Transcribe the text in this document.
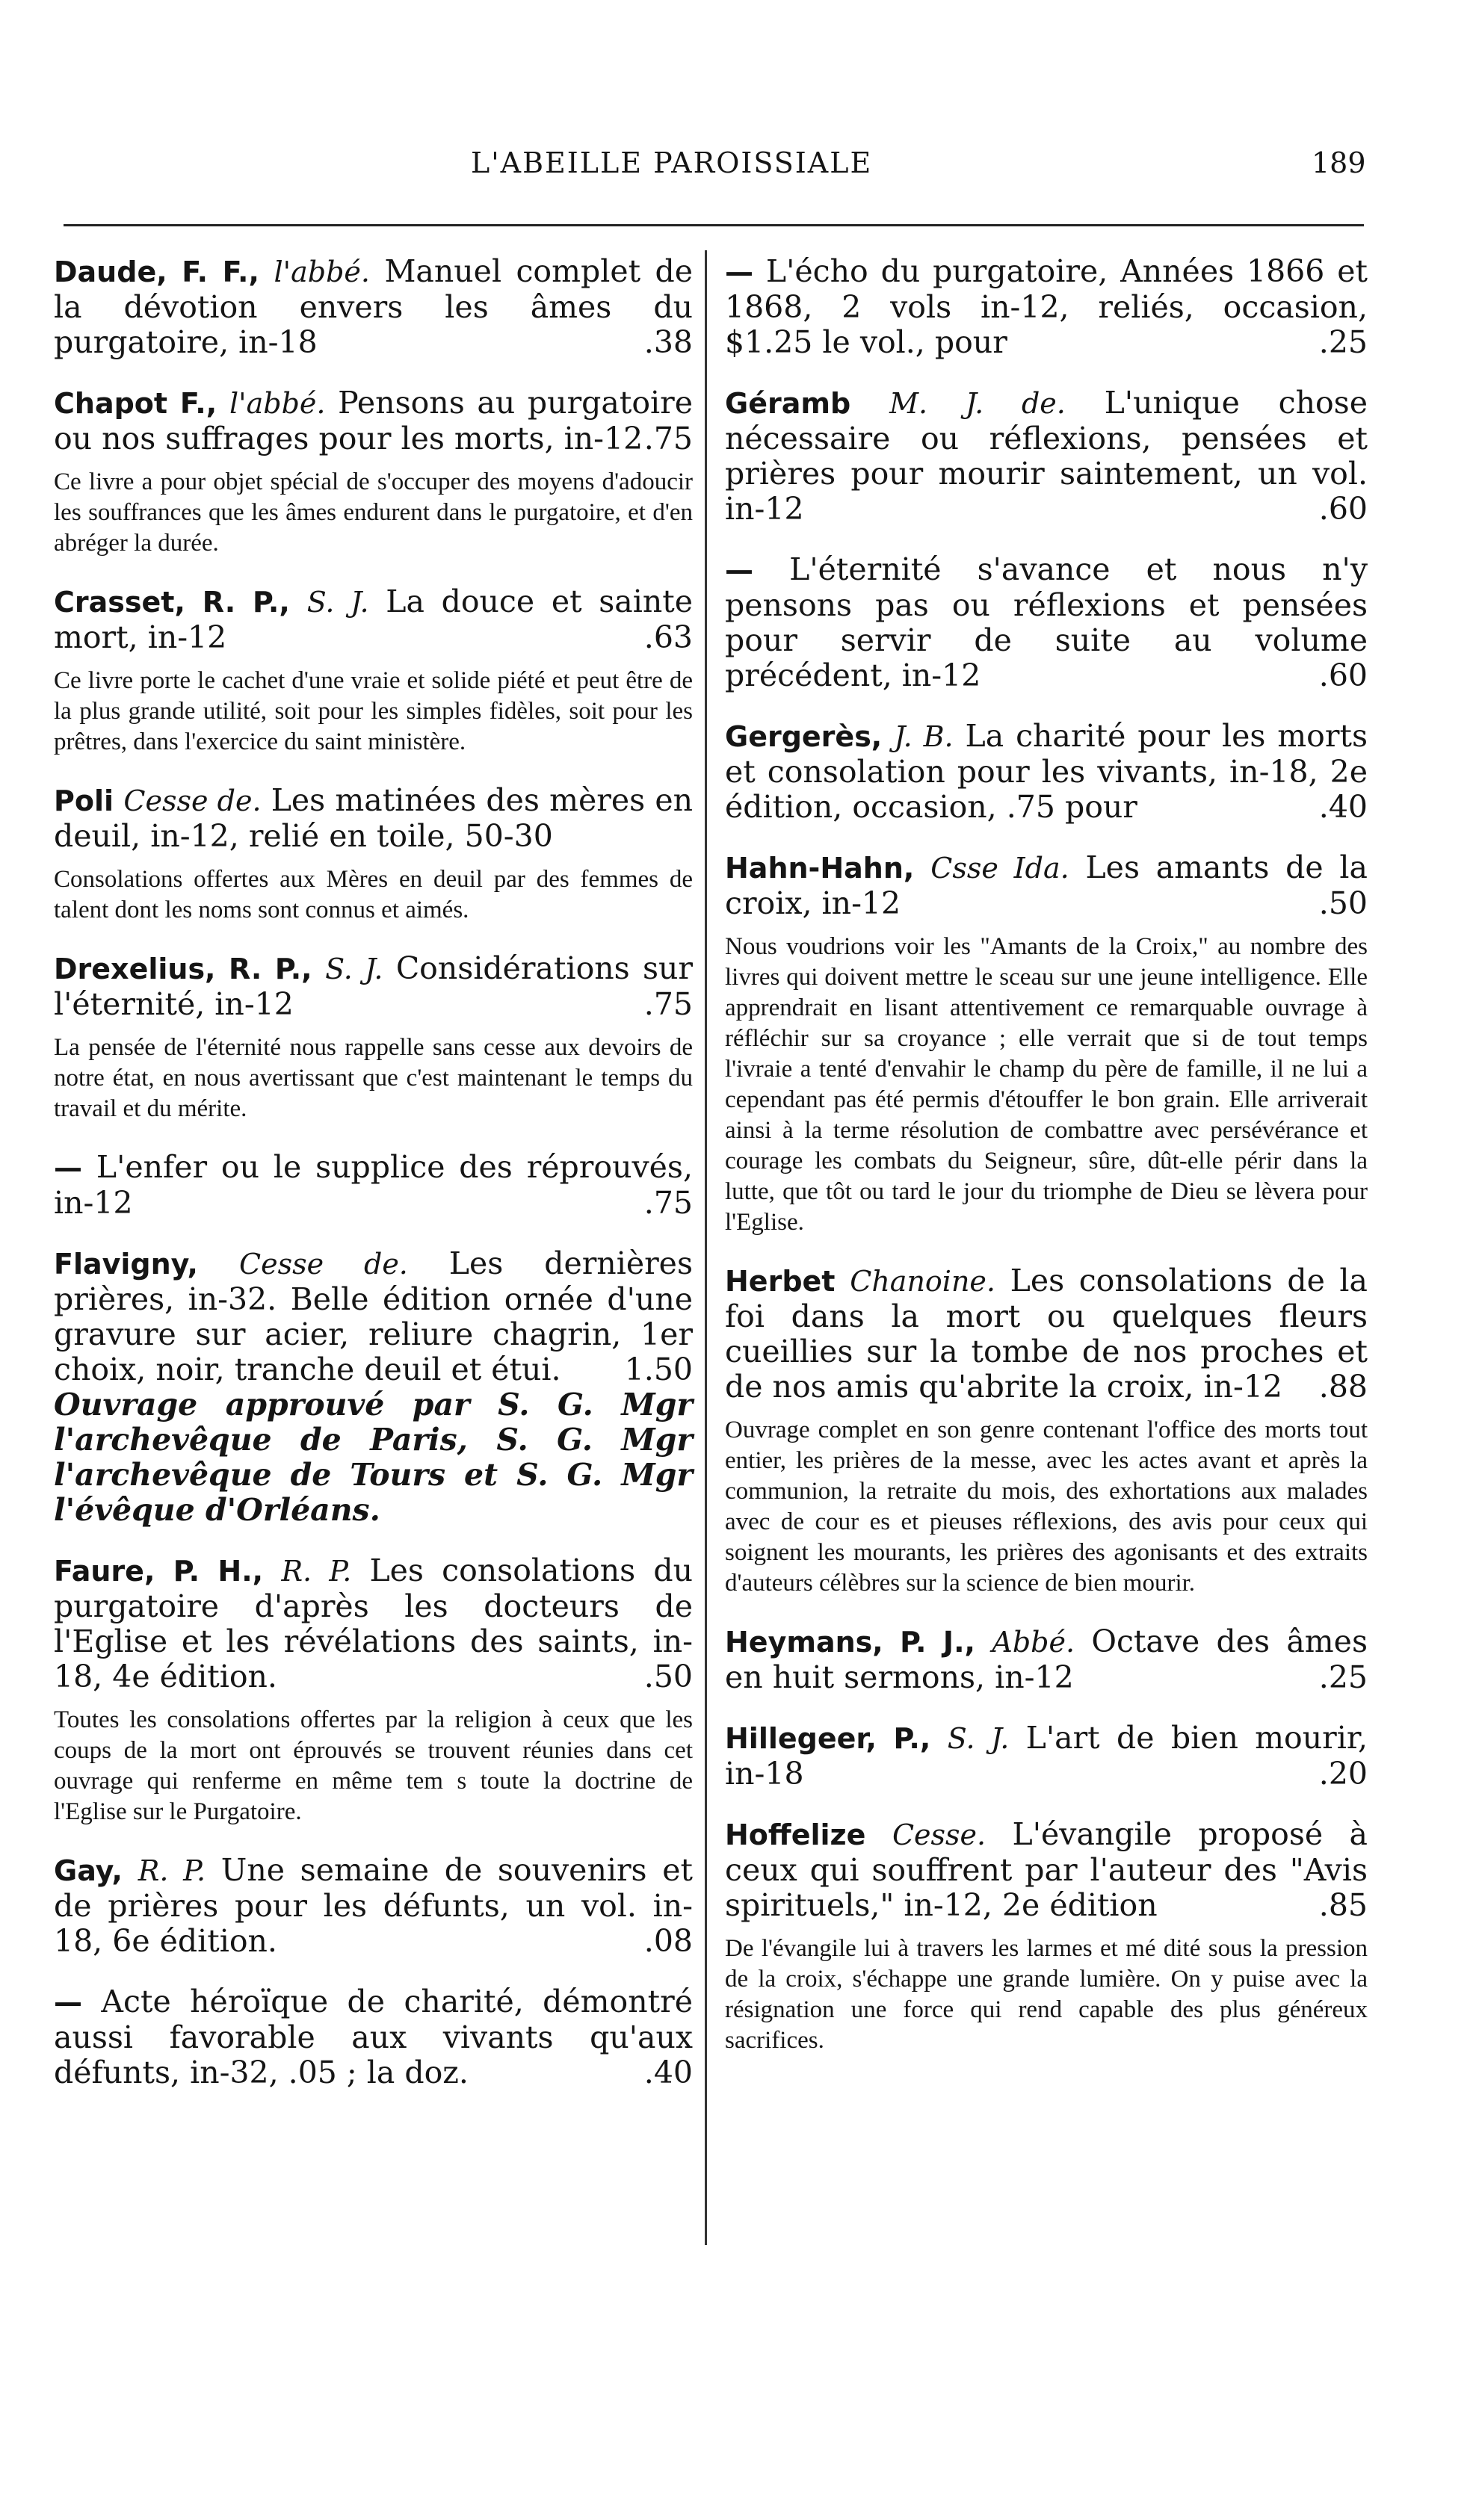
L'ABEILLE PAROISSIALE	189

Daude, F. F., l'abbé. Manuel complet de la dévotion envers les âmes du purgatoire, in-18	.38

Chapot F., l'abbé. Pensons au purgatoire ou nos suffrages pour les morts, in-12 .75

Ce livre a pour objet spécial de s'occuper des moyens d'adoucir les souffrances que les âmes endurent dans le purgatoire, et d'en abréger la durée.

Crasset, R. P., S. J. La douce et sainte mort, in-12	.63

Ce livre porte le cachet d'une vraie et solide piété et peut être de la plus grande utilité, soit pour les simples fidèles, soit pour les prêtres, dans l'exercice du saint ministère.

Poli Cesse de. Les matinées des mères en deuil, in-12, relié en toile, 50-30

Consolations offertes aux Mères en deuil par des femmes de talent dont les noms sont connus et aimés.

Drexelius, R. P., S. J. Considérations sur l'éternité, in-12	.75

La pensée de l'éternité nous rappelle sans cesse aux devoirs de notre état, en nous avertissant que c'est maintenant le temps du travail et du mérite.

— L'enfer ou le supplice des réprouvés, in-12	.75

Flavigny, Cesse de. Les dernières prières, in-32. Belle édition ornée d'une gravure sur acier, reliure chagrin, 1er choix, noir, tranche deuil et étui. 1.50

Ouvrage approuvé par S. G. Mgr l'archevêque de Paris, S. G. Mgr l'archevêque de Tours et S. G. Mgr l'évêque d'Orléans.

Faure, P. H., R. P. Les consolations du purgatoire d'après les docteurs de l'Eglise et les révélations des saints, in-18, 4e édition.	.50

Toutes les consolations offertes par la religion à ceux que les coups de la mort ont éprouvés se trouvent réunies dans cet ouvrage qui renferme en même tem s toute la doctrine de l'Eglise sur le Purgatoire.

Gay, R. P. Une semaine de souvenirs et de prières pour les défunts, un vol. in-18, 6e édition.	.08

— Acte héroïque de charité, démontré aussi favorable aux vivants qu'aux défunts, in-32, .05 ; la doz.	.40

— L'écho du purgatoire, Années 1866 et 1868, 2 vols in-12, reliés, occasion, $1.25 le vol., pour	.25

Géramb M. J. de. L'unique chose nécessaire ou réflexions, pensées et prières pour mourir saintement, un vol. in-12	.60

— L'éternité s'avance et nous n'y pensons pas ou réflexions et pensées pour servir de suite au volume précédent, in-12	.60

Gergerès, J. B. La charité pour les morts et consolation pour les vivants, in-18, 2e édition, occasion, .75 pour	.40

Hahn-Hahn, Csse Ida. Les amants de la croix, in-12	.50

Nous voudrions voir les "Amants de la Croix," au nombre des livres qui doivent mettre le sceau sur une jeune intelligence. Elle apprendrait en lisant attentivement ce remarquable ouvrage à réfléchir sur sa croyance ; elle verrait que si de tout temps l'ivraie a tenté d'envahir le champ du père de famille, il ne lui a cependant pas été permis d'étouffer le bon grain. Elle arriverait ainsi à la terme résolution de combattre avec persévérance et courage les combats du Seigneur, sûre, dût-elle périr dans la lutte, que tôt ou tard le jour du triomphe de Dieu se lèvera pour l'Eglise.

Herbet Chanoine. Les consolations de la foi dans la mort ou quelques fleurs cueillies sur la tombe de nos proches et de nos amis qu'abrite la croix, in-12 .88

Ouvrage complet en son genre contenant l'office des morts tout entier, les prières de la messe, avec les actes avant et après la communion, la retraite du mois, des exhortations aux malades avec de cour es et pieuses réflexions, des avis pour ceux qui soignent les mourants, les prières des agonisants et des extraits d'auteurs célèbres sur la science de bien mourir.

Heymans, P. J., Abbé. Octave des âmes en huit sermons, in-12	.25

Hillegeer, P., S. J. L'art de bien mourir, in-18	.20

Hoffelize Cesse. L'évangile proposé à ceux qui souffrent par l'auteur des "Avis spirituels," in-12, 2e édition	.85

De l'évangile lui à travers les larmes et mé dité sous la pression de la croix, s'échappe une grande lumière. On y puise avec la résignation une force qui rend capable des plus généreux sacrifices.
